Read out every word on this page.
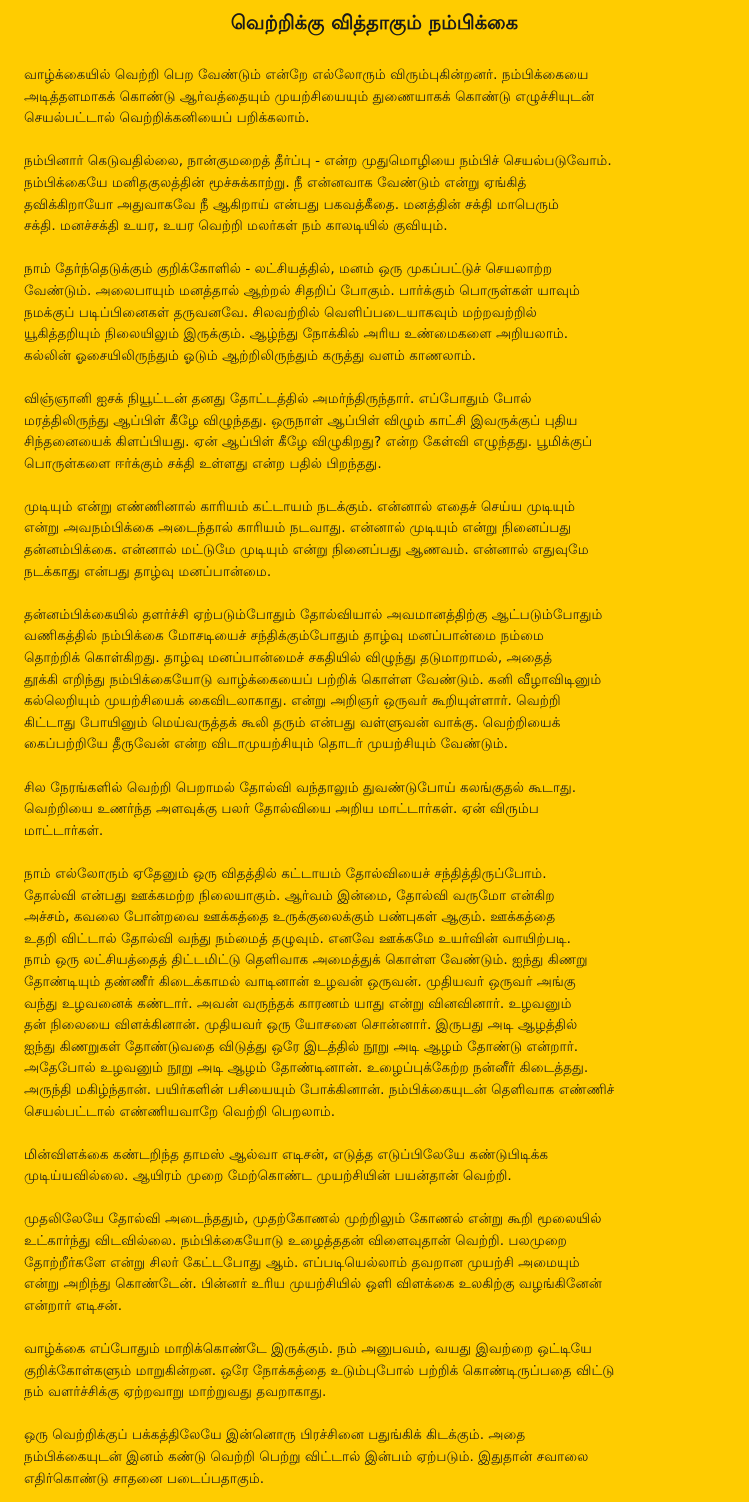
வெற்றிக்கு வித்தாகும் நம்பிக்கை

வாழ்க்கையில் வெற்றி பெற வேண்டும் என்றே எல்லோரும் விரும்புகின்றனர். நம்பிக்கையை
அடித்தளமாகக் கொண்டு ஆர்வத்தையும் முயற்சியையும் துணையாகக் கொண்டு எழுச்சியுடன்
செயல்பட்டால் வெற்றிக்கனியைப் பறிக்கலாம்.

நம்பினார் கெடுவதில்லை, நான்குமறைத் தீர்ப்பு - என்ற முதுமொழியை நம்பிச் செயல்படுவோம்.
நம்பிக்கையே மனிதகுலத்தின் மூச்சுக்காற்று. நீ என்னவாக வேண்டும் என்று ஏங்கித்
தவிக்கிறாயோ அதுவாகவே நீ ஆகிறாய் என்பது பகவத்கீதை. மனத்தின் சக்தி மாபெரும்
சக்தி. மனச்சக்தி உயர, உயர வெற்றி மலர்கள் நம் காலடியில் குவியும்.

நாம் தேர்ந்தெடுக்கும் குறிக்கோளில் - லட்சியத்தில், மனம் ஒரு முகப்பட்டுச் செயலாற்ற
வேண்டும். அலைபாயும் மனத்தால் ஆற்றல் சிதறிப் போகும். பார்க்கும் பொருள்கள் யாவும்
நமக்குப் படிப்பினைகள் தருவனவே. சிலவற்றில் வெளிப்படையாகவும் மற்றவற்றில்
யூகித்தறியும் நிலையிலும் இருக்கும். ஆழ்ந்து நோக்கில் அரிய உண்மைகளை அறியலாம்.
கல்லின் ஓசையிலிருந்தும் ஓடும் ஆற்றிலிருந்தும் கருத்து வளம் காணலாம்.

விஞ்ஞானி ஐசக் நியூட்டன் தனது தோட்டத்தில் அமர்ந்திருந்தார். எப்போதும் போல்
மரத்திலிருந்து ஆப்பிள் கீழே விழுந்தது. ஒருநாள் ஆப்பிள் விழும் காட்சி இவருக்குப் புதிய
சிந்தனையைக் கிளப்பியது. ஏன் ஆப்பிள் கீழே விழுகிறது? என்ற கேள்வி எழுந்தது. பூமிக்குப்
பொருள்களை ஈர்க்கும் சக்தி உள்ளது என்ற பதில் பிறந்தது.

முடியும் என்று எண்ணினால் காரியம் கட்டாயம் நடக்கும். என்னால் எதைச் செய்ய முடியும்
என்று அவநம்பிக்கை அடைந்தால் காரியம் நடவாது. என்னால் முடியும் என்று நினைப்பது
தன்னம்பிக்கை. என்னால் மட்டுமே முடியும் என்று நினைப்பது ஆணவம். என்னால் எதுவுமே
நடக்காது என்பது தாழ்வு மனப்பான்மை.

தன்னம்பிக்கையில் தளர்ச்சி ஏற்படும்போதும் தோல்வியால் அவமானத்திற்கு ஆட்படும்போதும்
வணிகத்தில் நம்பிக்கை மோசடியைச் சந்திக்கும்போதும் தாழ்வு மனப்பான்மை நம்மை
தொற்றிக் கொள்கிறது. தாழ்வு மனப்பான்மைச் சகதியில் விழுந்து தடுமாறாமல், அதைத்
தூக்கி எறிந்து நம்பிக்கையோடு வாழ்க்கையைப் பற்றிக் கொள்ள வேண்டும். கனி வீழாவிடினும்
கல்லெறியும் முயற்சியைக் கைவிடலாகாது. என்று அறிஞர் ஒருவர் கூறியுள்ளார். வெற்றி
கிட்டாது போயினும் மெய்வருத்தக் கூலி தரும் என்பது வள்ளுவன் வாக்கு. வெற்றியைக்
கைப்பற்றியே தீருவேன் என்ற விடாமுயற்சியும் தொடர் முயற்சியும் வேண்டும்.

சில நேரங்களில் வெற்றி பெறாமல் தோல்வி வந்தாலும் துவண்டுபோய் கலங்குதல் கூடாது.
வெற்றியை உணர்ந்த அளவுக்கு பலர் தோல்வியை அறிய மாட்டார்கள். ஏன் விரும்ப
மாட்டார்கள்.

நாம் எல்லோரும் ஏதேனும் ஒரு விதத்தில் கட்டாயம் தோல்வியைச் சந்தித்திருப்போம்.
தோல்வி என்பது ஊக்கமற்ற நிலையாகும். ஆர்வம் இன்மை, தோல்வி வருமோ என்கிற
அச்சம், கவலை போன்றவை ஊக்கத்தை உருக்குலைக்கும் பண்புகள் ஆகும். ஊக்கத்தை
உதறி விட்டால் தோல்வி வந்து நம்மைத் தழுவும். எனவே ஊக்கமே உயர்வின் வாயிற்படி.
நாம் ஒரு லட்சியத்தைத் திட்டமிட்டு தெளிவாக அமைத்துக் கொள்ள வேண்டும். ஐந்து கிணறு
தோண்டியும் தண்ணீர் கிடைக்காமல் வாடினான் உழவன் ஒருவன். முதியவர் ஒருவர் அங்கு
வந்து உழவனைக் கண்டார். அவன் வருந்தக் காரணம் யாது என்று வினவினார். உழவனும்
தன் நிலையை விளக்கினான். முதியவர் ஒரு யோசனை சொன்னார். இருபது அடி ஆழத்தில்
ஐந்து கிணறுகள் தோண்டுவதை விடுத்து ஒரே இடத்தில் நூறு அடி ஆழம் தோண்டு என்றார்.
அதேபோல் உழவனும் நூறு அடி ஆழம் தோண்டினான். உழைப்புக்கேற்ற நன்னீர் கிடைத்தது.
அருந்தி மகிழ்ந்தான். பயிர்களின் பசியையும் போக்கினான். நம்பிக்கையுடன் தெளிவாக எண்ணிச்
செயல்பட்டால் எண்ணியவாறே வெற்றி பெறலாம்.

மின்விளக்கை கண்டறிந்த தாமஸ் ஆல்வா எடிசன், எடுத்த எடுப்பிலேயே கண்டுபிடிக்க
முடிய்யவில்லை. ஆயிரம் முறை மேற்கொண்ட முயற்சியின் பயன்தான் வெற்றி.

முதலிலேயே தோல்வி அடைந்ததும், முதற்கோணல் முற்றிலும் கோணல் என்று கூறி மூலையில்
உட்கார்ந்து விடவில்லை. நம்பிக்கையோடு உழைத்ததன் விளைவுதான் வெற்றி. பலமுறை
தோற்றீர்களே என்று சிலர் கேட்டபோது ஆம். எப்படியெல்லாம் தவறான முயற்சி அமையும்
என்று அறிந்து கொண்டேன். பின்னர் உரிய முயற்சியில் ஒளி விளக்கை உலகிற்கு வழங்கினேன்
என்றார் எடிசன்.

வாழ்க்கை எப்போதும் மாறிக்கொண்டே இருக்கும். நம் அனுபவம், வயது இவற்றை ஒட்டியே
குறிக்கோள்களும் மாறுகின்றன. ஒரே நோக்கத்தை உடும்புபோல் பற்றிக் கொண்டிருப்பதை விட்டு
நம் வளர்ச்சிக்கு ஏற்றவாறு மாற்றுவது தவறாகாது.

ஒரு வெற்றிக்குப் பக்கத்திலேயே இன்னொரு பிரச்சினை பதுங்கிக் கிடக்கும். அதை
நம்பிக்கையுடன் இனம் கண்டு வெற்றி பெற்று விட்டால் இன்பம் ஏற்படும். இதுதான் சவாலை
எதிர்கொண்டு சாதனை படைப்பதாகும்.
